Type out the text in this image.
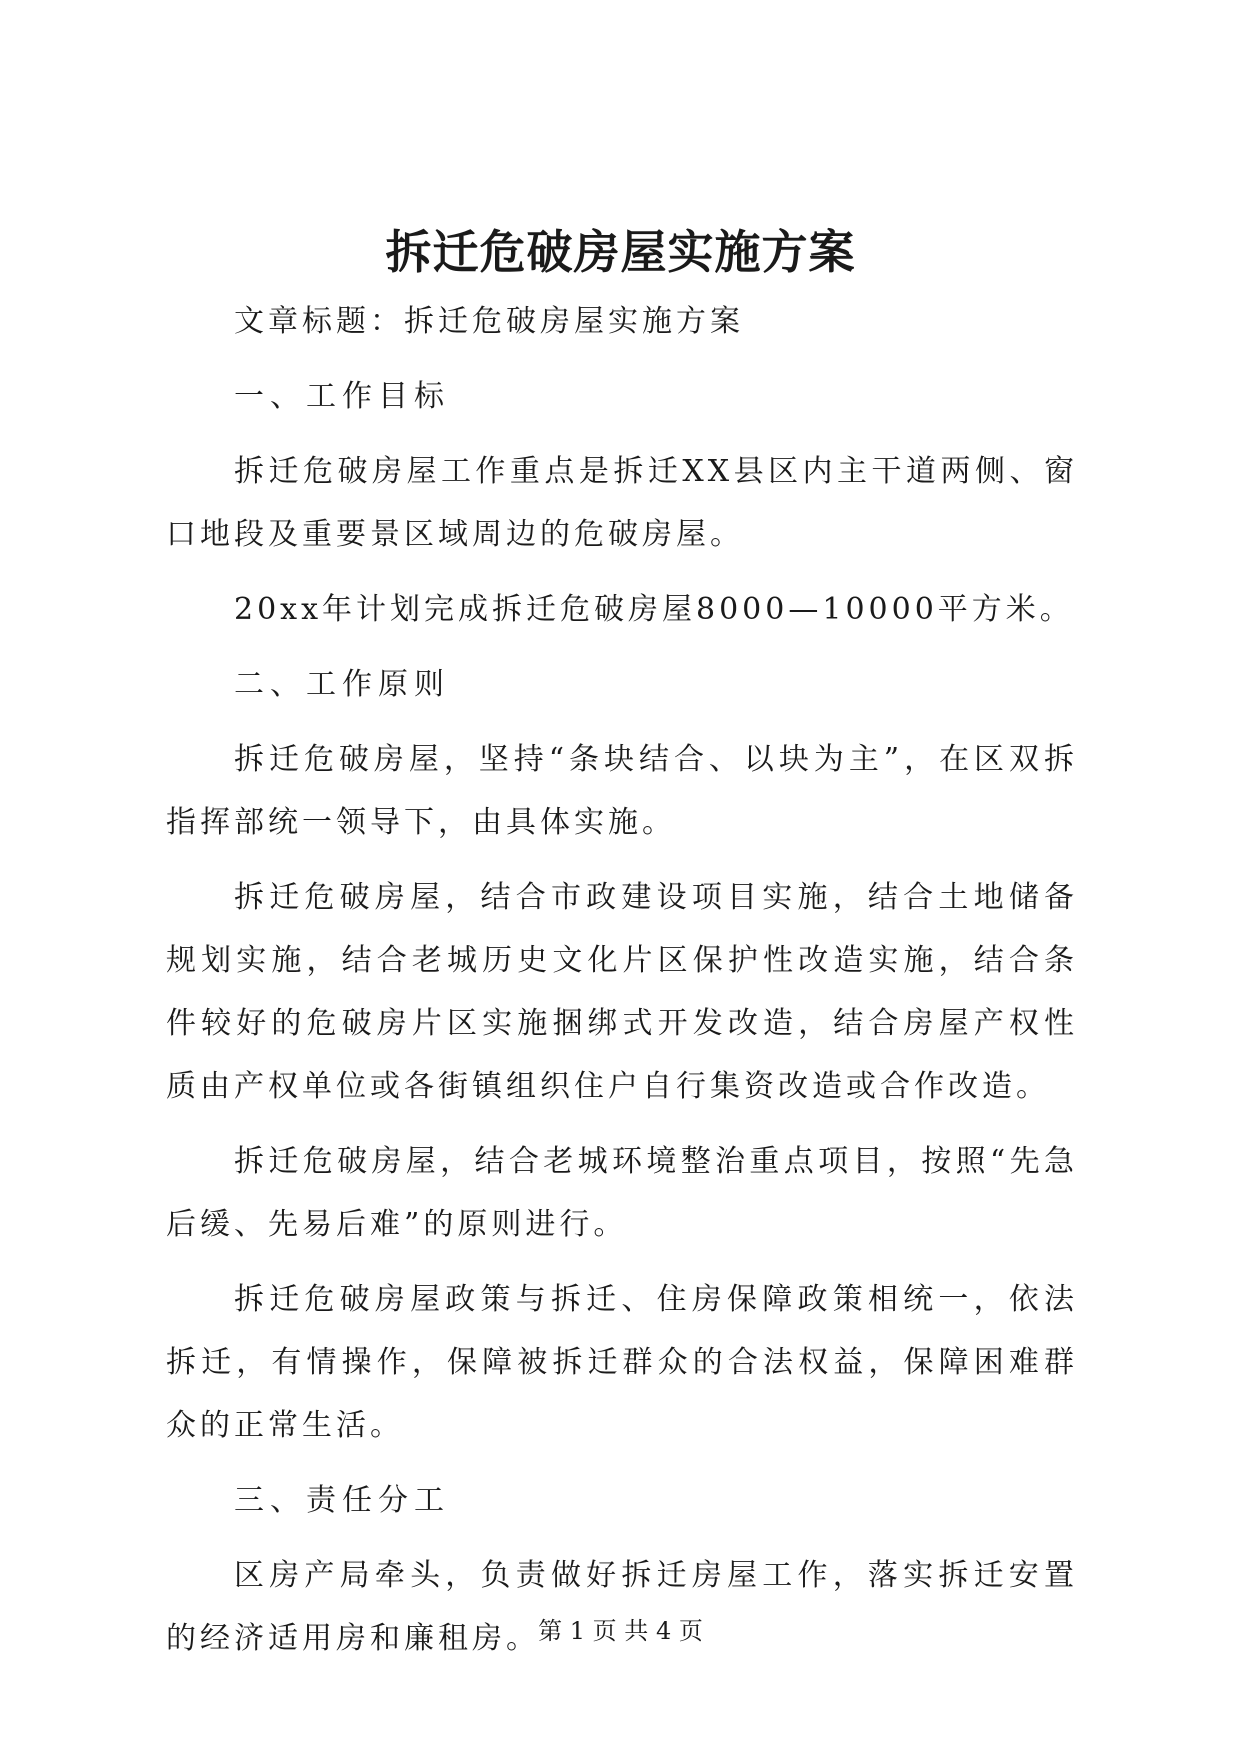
拆迁危破房屋实施方案

文章标题：拆迁危破房屋实施方案

一、工作目标

拆迁危破房屋工作重点是拆迁XX县区内主干道两侧、窗口地段及重要景区域周边的危破房屋。

20xx年计划完成拆迁危破房屋8000—10000平方米。

二、工作原则

拆迁危破房屋，坚持“条块结合、以块为主”，在区双拆指挥部统一领导下，由具体实施。

拆迁危破房屋，结合市政建设项目实施，结合土地储备规划实施，结合老城历史文化片区保护性改造实施，结合条件较好的危破房片区实施捆绑式开发改造，结合房屋产权性质由产权单位或各街镇组织住户自行集资改造或合作改造。

拆迁危破房屋，结合老城环境整治重点项目，按照“先急后缓、先易后难”的原则进行。

拆迁危破房屋政策与拆迁、住房保障政策相统一，依法拆迁，有情操作，保障被拆迁群众的合法权益，保障困难群众的正常生活。

三、责任分工

区房产局牵头，负责做好拆迁房屋工作，落实拆迁安置的经济适用房和廉租房。

第 1 页 共 4 页
